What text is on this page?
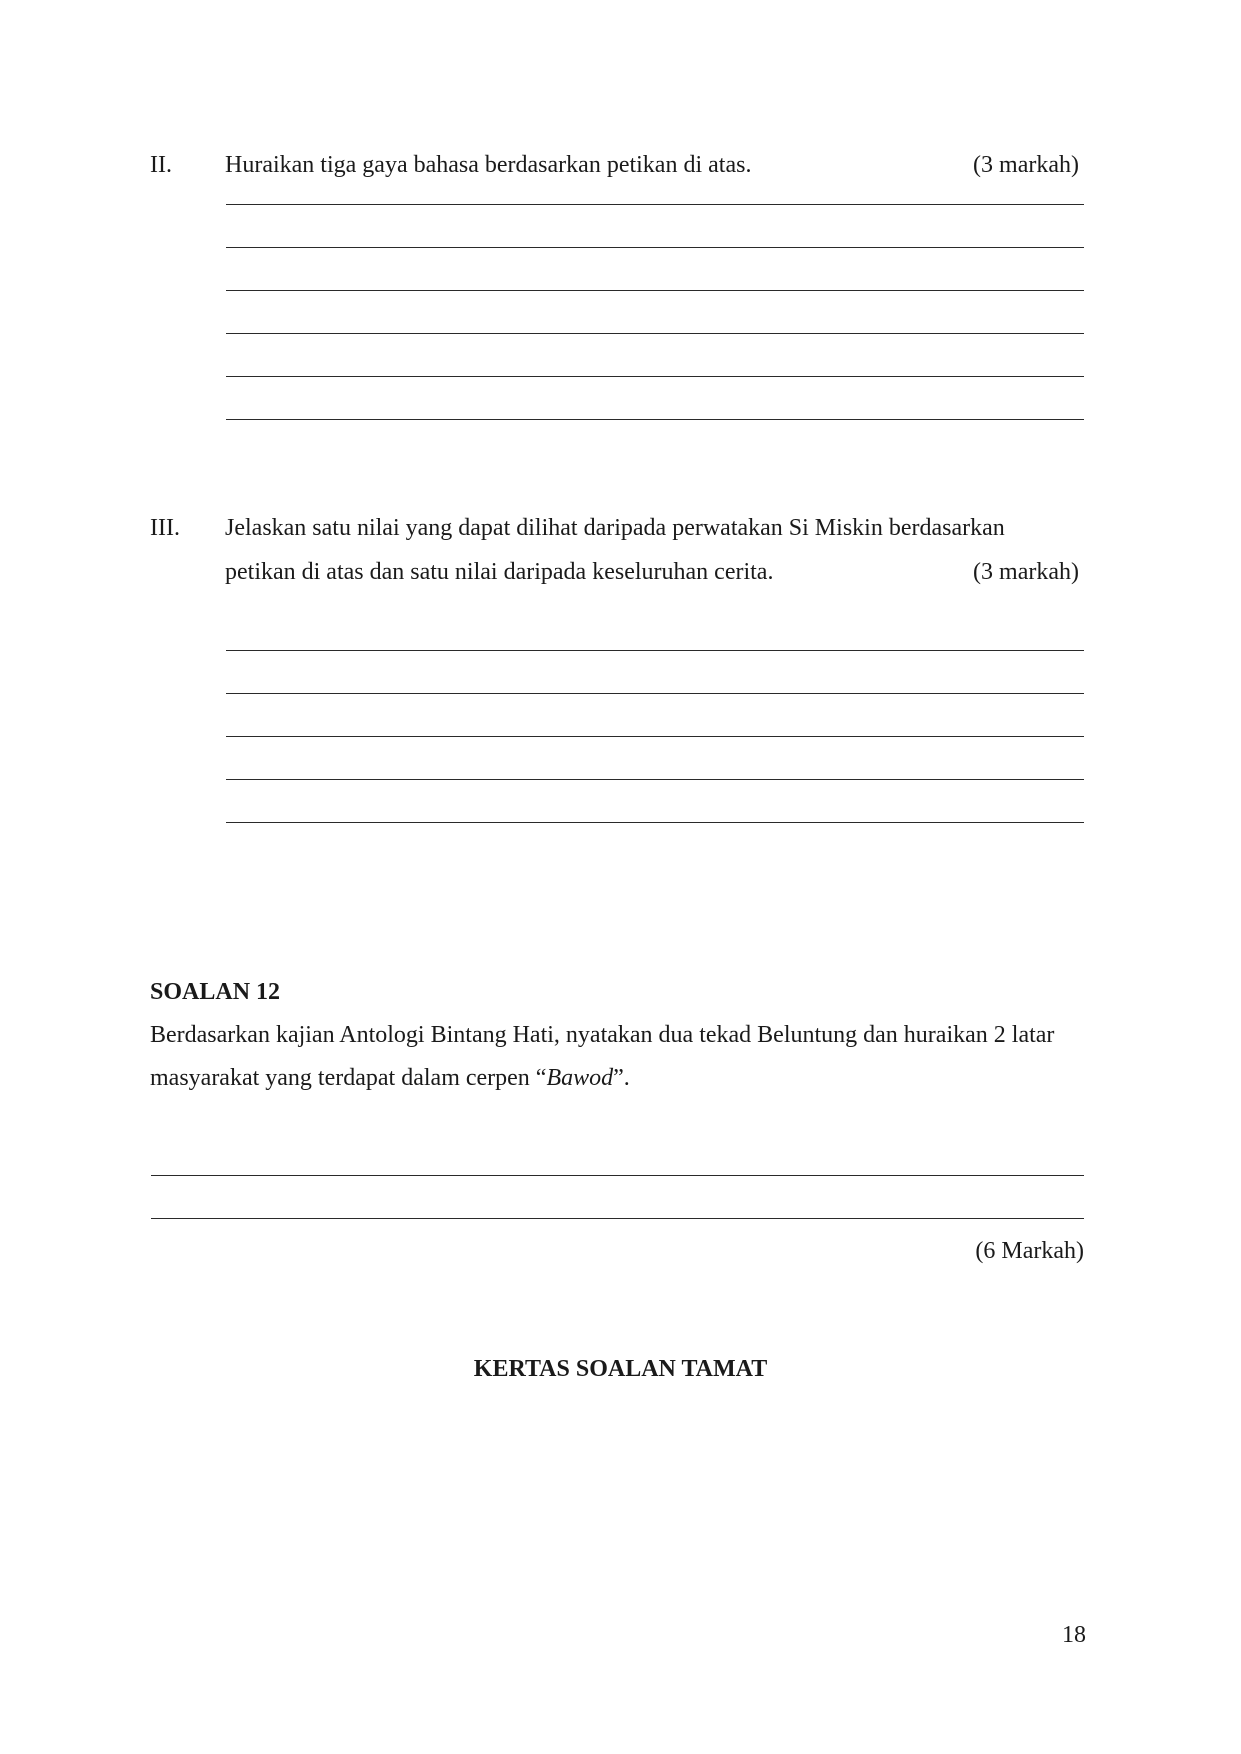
II. Huraikan tiga gaya bahasa berdasarkan petikan di atas.	(3 markah)
III. Jelaskan satu nilai yang dapat dilihat daripada perwatakan Si Miskin berdasarkan
petikan di atas dan satu nilai daripada keseluruhan cerita.	(3 markah)
SOALAN 12
Berdasarkan kajian Antologi Bintang Hati, nyatakan dua tekad Beluntung dan huraikan 2 latar
masyarakat yang terdapat dalam cerpen “Bawod”.
(6 Markah)
KERTAS SOALAN TAMAT
18
